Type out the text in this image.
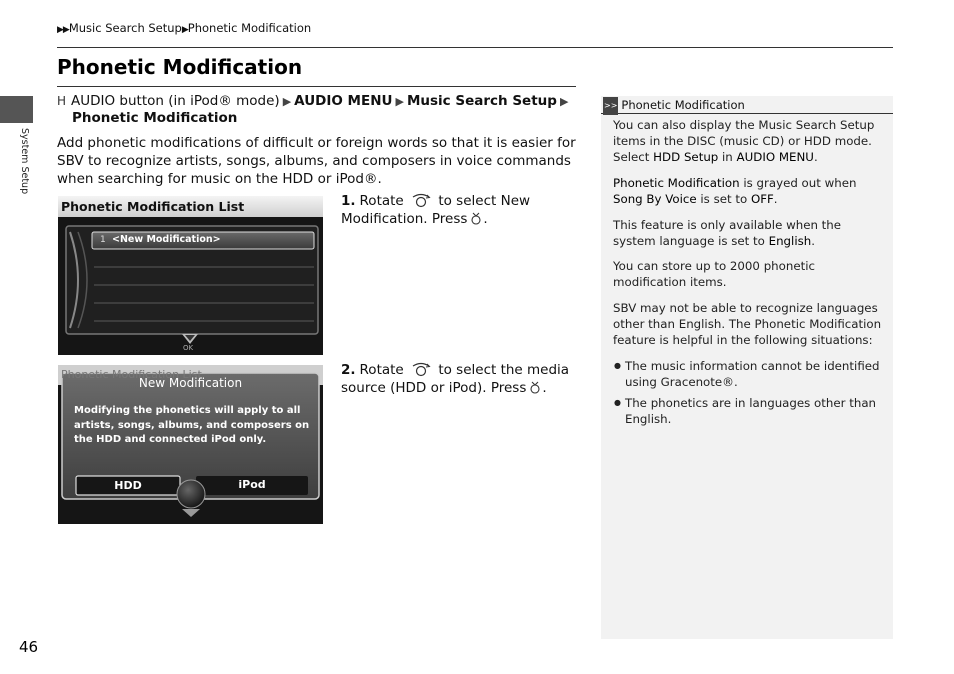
▶▶Music Search Setup▶Phonetic Modification
Phonetic Modification
System Setup
H AUDIO button (in iPod® mode) ▶ AUDIO MENU ▶ Music Search Setup ▶
Phonetic Modification

Add phonetic modifications of difficult or foreign words so that it is easier for SBV to recognize artists, songs, albums, and composers in voice commands when searching for music on the HDD or iPod®.

Phonetic Modification List
1 <New Modification>
OK
1. Rotate	to select New Modification. Press .
Phonetic Modification List
New Modification
Modifying the phonetics will apply to all artists, songs, albums, and composers on the HDD and connected iPod only.
HDD	iPod
2. Rotate	to select the media source (HDD or iPod). Press .
>> Phonetic Modification

You can also display the Music Search Setup items in the DISC (music CD) or HDD mode. Select HDD Setup in AUDIO MENU.

Phonetic Modification is grayed out when Song By Voice is set to OFF.

This feature is only available when the system language is set to English.

You can store up to 2000 phonetic modification items.

SBV may not be able to recognize languages other than English. The Phonetic Modification feature is helpful in the following situations:

● The music information cannot be identified using Gracenote®.

● The phonetics are in languages other than English.

46
